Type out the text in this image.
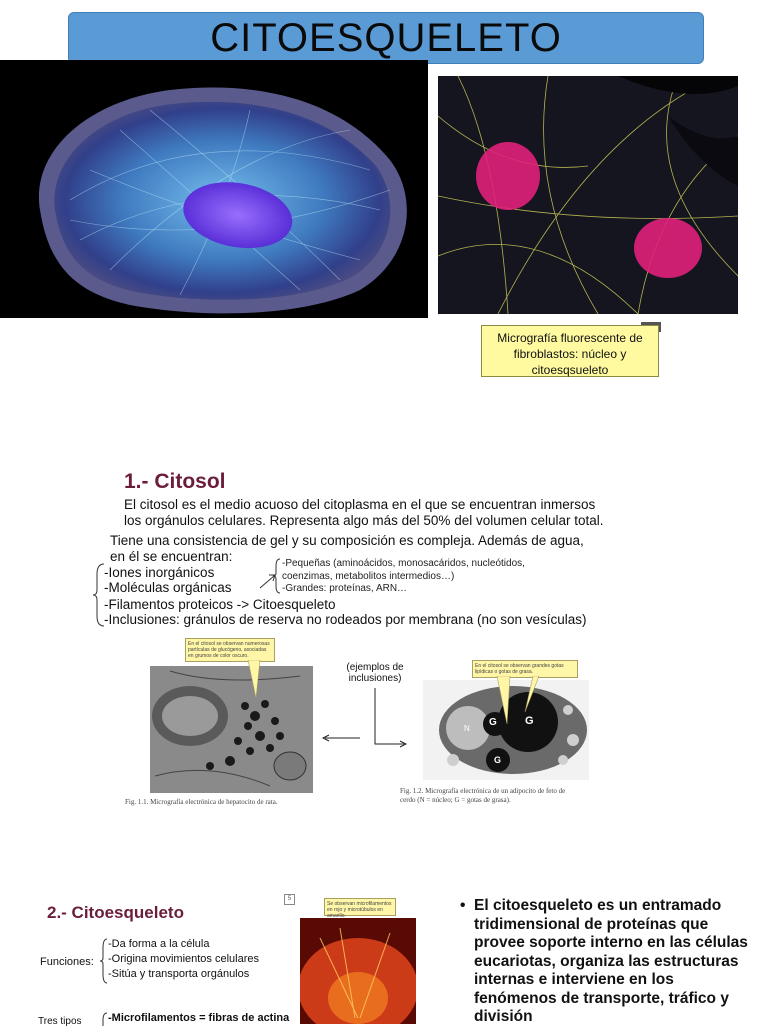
CITOESQUELETO
Micrografía fluorescente de
fibroblastos: núcleo y
citoesqsueleto
1.- Citosol
El citosol es el medio acuoso del citoplasma en el que se encuentran inmersos
los orgánulos celulares. Representa algo más del 50% del volumen celular total.
Tiene una consistencia de gel y su composición es compleja. Además de agua,
en él se encuentran:
-Iones inorgánicos
-Moléculas orgánicas
-Filamentos proteicos -> Citoesqueleto
-Inclusiones: gránulos de reserva no rodeados por membrana (no son vesículas)
-Pequeñas (aminoácidos, monosacáridos, nucleótidos,
coenzimas, metabolitos intermedios…)
-Grandes: proteínas, ARN…
En el citosol se observan numerosas partículas de glucógeno, asociadas en grumos de color oscuro.
Fig. 1.1. Micrografía electrónica de hepatocito de rata.
(ejemplos de
inclusiones)
En el citosol se observan grandes gotas lipídicas o gotas de grasa.
G	G
G
N
Fig. 1.2. Micrografía electrónica de un adipocito de feto de
cerdo (N = núcleo; G = gotas de grasa).
2.- Citoesqueleto
Funciones:
-Da forma a la célula
-Origina movimientos celulares
-Sitúa y transporta orgánulos
Tres tipos -Microfilamentos = fibras de actina
5
Se observan microfilamentos en rojo y microtúbulos en amarillo.
• El citoesqueleto es un entramado tridimensional de proteínas que provee soporte interno en las células eucariotas, organiza las estructuras internas e interviene en los fenómenos de transporte, tráfico y división
